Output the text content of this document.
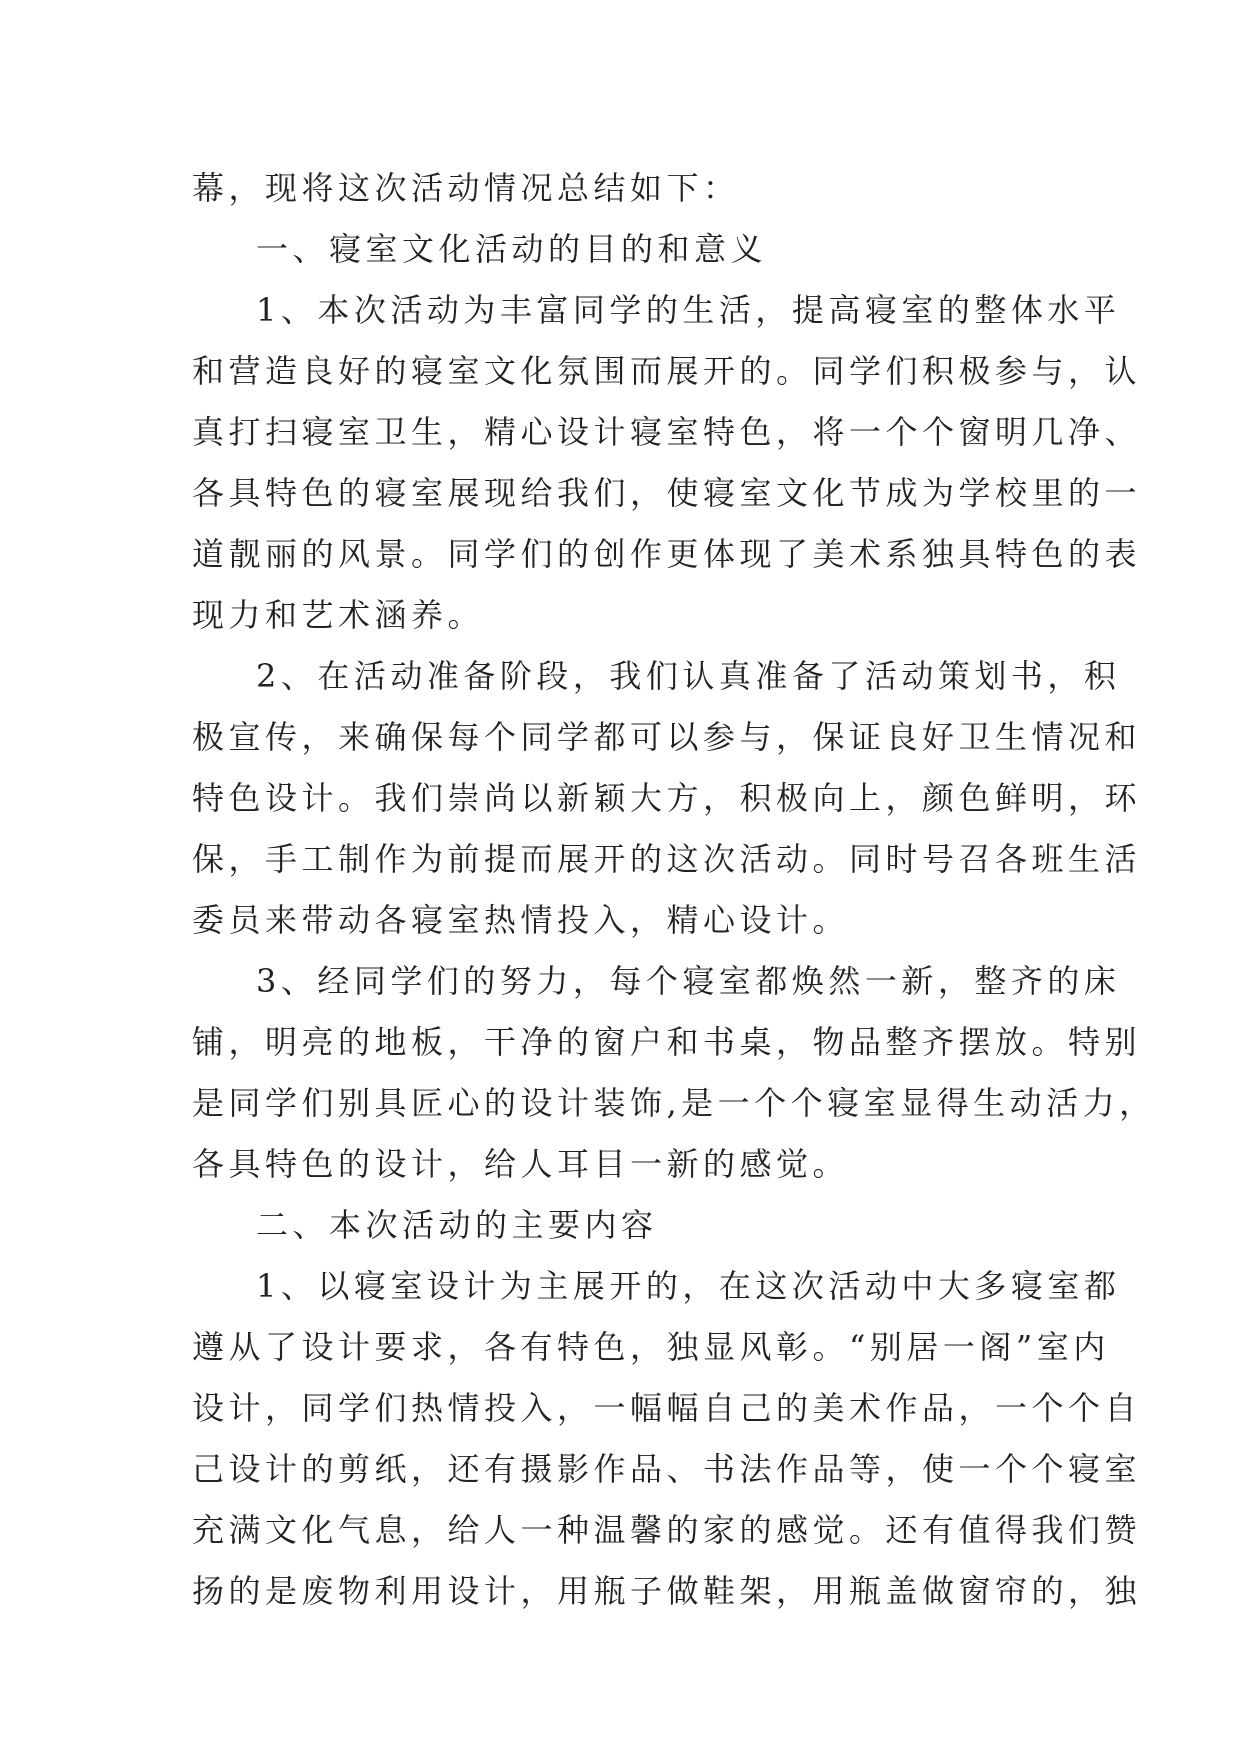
幕，现将这次活动情况总结如下：
一、寝室文化活动的目的和意义
1、本次活动为丰富同学的生活，提高寝室的整体水平
和营造良好的寝室文化氛围而展开的。同学们积极参与，认
真打扫寝室卫生，精心设计寝室特色，将一个个窗明几净、
各具特色的寝室展现给我们，使寝室文化节成为学校里的一
道靓丽的风景。同学们的创作更体现了美术系独具特色的表
现力和艺术涵养。
2、在活动准备阶段，我们认真准备了活动策划书，积
极宣传，来确保每个同学都可以参与，保证良好卫生情况和
特色设计。我们崇尚以新颖大方，积极向上，颜色鲜明，环
保，手工制作为前提而展开的这次活动。同时号召各班生活
委员来带动各寝室热情投入，精心设计。
3、经同学们的努力，每个寝室都焕然一新，整齐的床
铺，明亮的地板，干净的窗户和书桌，物品整齐摆放。特别
是同学们别具匠心的设计装饰,是一个个寝室显得生动活力，
各具特色的设计，给人耳目一新的感觉。
二、本次活动的主要内容
1、以寝室设计为主展开的，在这次活动中大多寝室都
遵从了设计要求，各有特色，独显风彰。“别居一阁”室内
设计，同学们热情投入，一幅幅自己的美术作品，一个个自
己设计的剪纸，还有摄影作品、书法作品等，使一个个寝室
充满文化气息，给人一种温馨的家的感觉。还有值得我们赞
扬的是废物利用设计，用瓶子做鞋架，用瓶盖做窗帘的，独
